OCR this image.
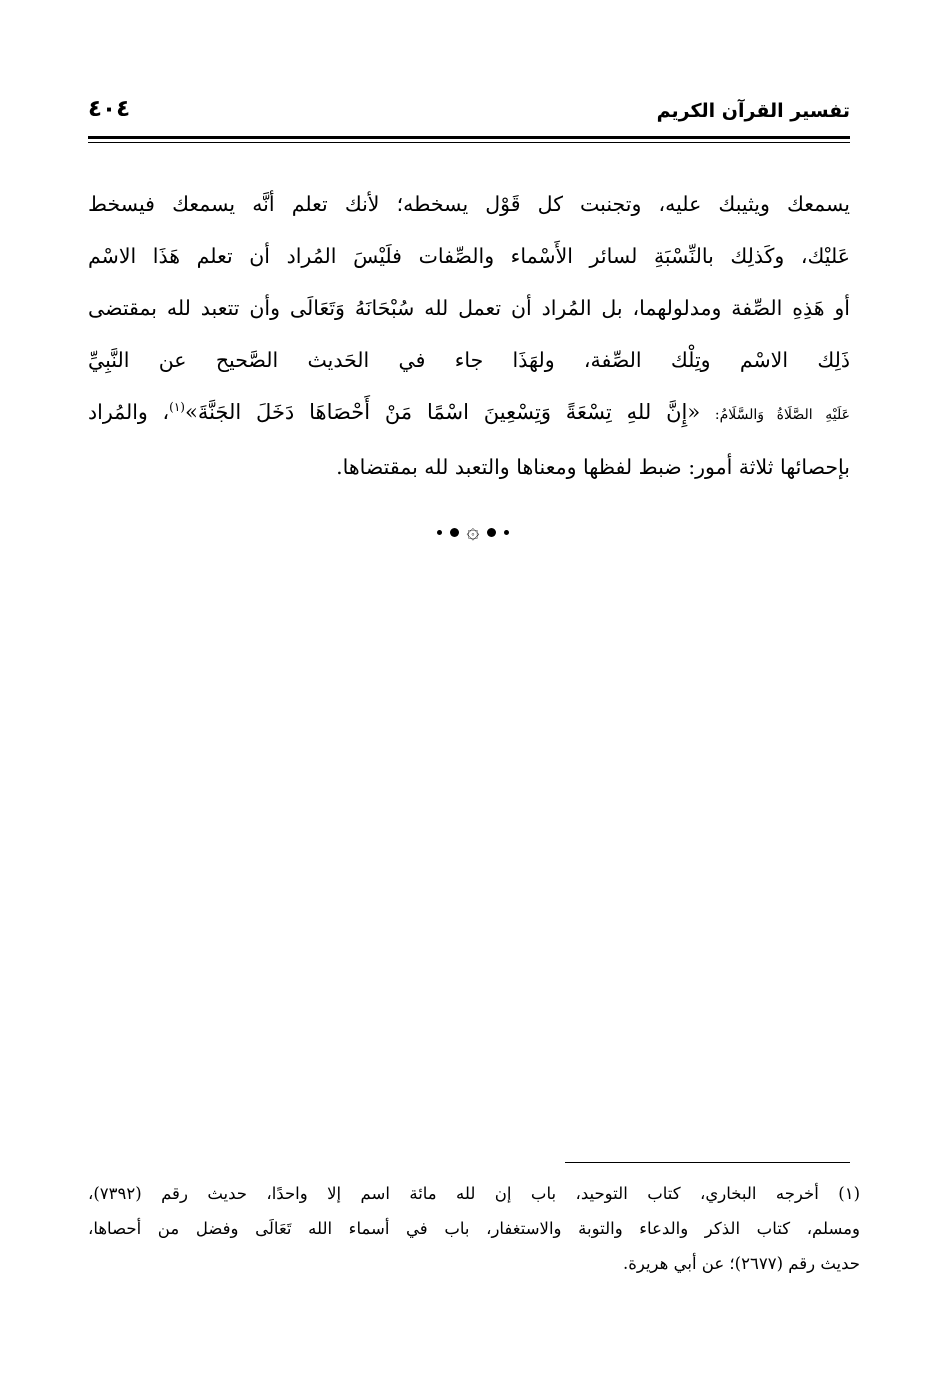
تفسير القرآن الكريم
٤٠٤
يسمعك ويثيبك عليه، وتجنبت كل قَوْل يسخطه؛ لأنك تعلم أنَّه يسمعك فيسخط
عَليْك، وكَذلِك بالنِّسْبَةِ لسائر الأَسْماء والصِّفات فلَيْسَ المُراد أن تعلم هَذَا الاسْم
أو هَذِهِ الصِّفة ومدلولهما، بل المُراد أن تعمل لله سُبْحَانَهُ وَتَعَالَى وأن تتعبد لله بمقتضى
ذَلِك الاسْم وتِلْك الصِّفة، ولهَذَا جاء في الحَديث الصَّحيح عن النَّبِيِّ
عَلَيْهِ الصَّلَاةُ وَالسَّلَامُ: «إِنَّ للهِ تِسْعَةً وَتِسْعِينَ اسْمًا مَنْ أَحْصَاهَا دَخَلَ الجَنَّةَ»$^{(١)}$، والمُراد
بإحصائها ثلاثة أمور: ضبط لفظها ومعناها والتعبد لله بمقتضاها.
۞
(١) أخرجه البخاري، كتاب التوحيد، باب إن لله مائة اسم إلا واحدًا، حديث رقم (٧٣٩٢)،
ومسلم، كتاب الذكر والدعاء والتوبة والاستغفار، باب في أسماء الله تَعَالَى وفضل من أحصاها،
حديث رقم (٢٦٧٧)؛ عن أبي هريرة.
